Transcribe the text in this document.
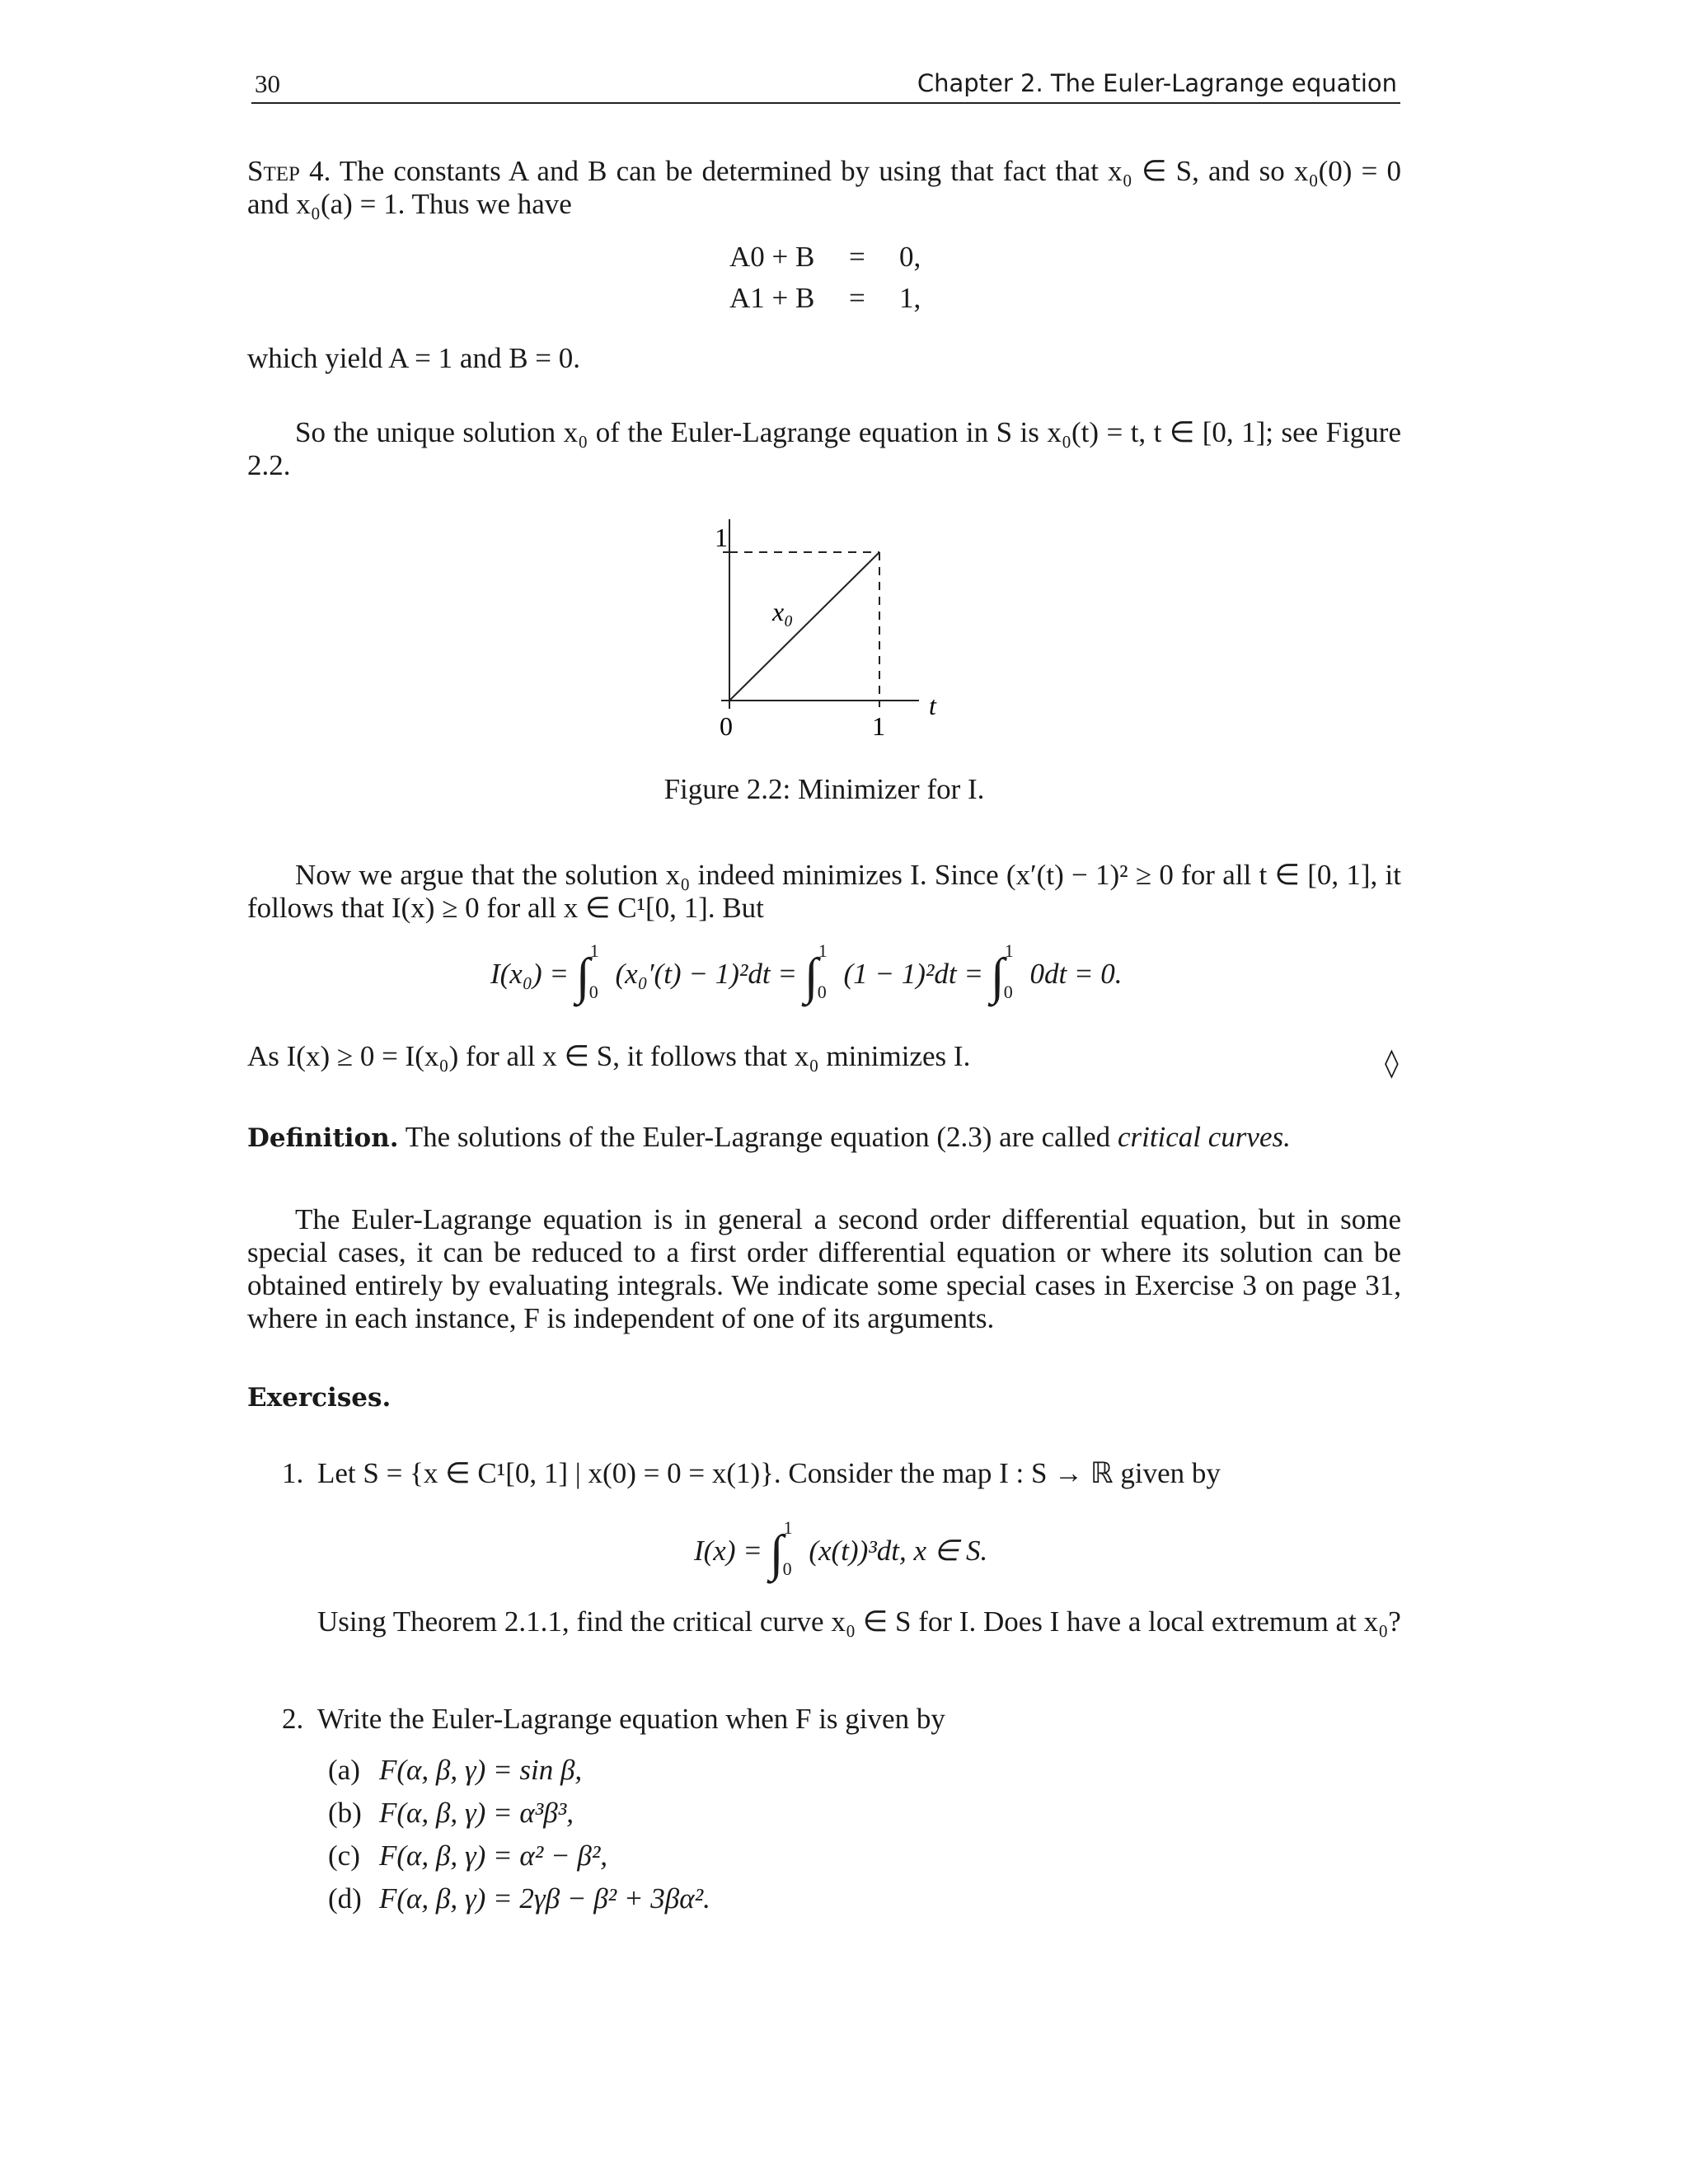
30	Chapter 2. The Euler-Lagrange equation
Step 4. The constants A and B can be determined by using that fact that x₀ ∈ S, and so x₀(0) = 0 and x₀(a) = 1. Thus we have
A0 + B = 0,
A1 + B = 1,
which yield A = 1 and B = 0.
So the unique solution x₀ of the Euler-Lagrange equation in S is x₀(t) = t, t ∈ [0, 1]; see Figure 2.2.
1
0	1
x₀
t
Figure 2.2: Minimizer for I.
Now we argue that the solution x₀ indeed minimizes I. Since (x′(t) − 1)² ≥ 0 for all t ∈ [0, 1], it follows that I(x) ≥ 0 for all x ∈ C¹[0, 1]. But
I(x₀) = ∫$^1_0$ (x₀′(t) − 1)²dt = ∫$^1_0$ (1 − 1)²dt = ∫$^1_0$ 0dt = 0.
As I(x) ≥ 0 = I(x₀) for all x ∈ S, it follows that x₀ minimizes I.	◊
Definition. The solutions of the Euler-Lagrange equation (2.3) are called critical curves.
The Euler-Lagrange equation is in general a second order differential equation, but in some special cases, it can be reduced to a first order differential equation or where its solution can be obtained entirely by evaluating integrals. We indicate some special cases in Exercise 3 on page 31, where in each instance, F is independent of one of its arguments.
Exercises.
1. Let S = {x ∈ C¹[0, 1] | x(0) = 0 = x(1)}. Consider the map I : S → ℝ given by
I(x) = ∫$^1_0$ (x(t))³dt, x ∈ S.
Using Theorem 2.1.1, find the critical curve x₀ ∈ S for I. Does I have a local extremum at x₀?
2. Write the Euler-Lagrange equation when F is given by
(a) F(α, β, γ) = sin β,
(b) F(α, β, γ) = α³β³,
(c) F(α, β, γ) = α² − β²,
(d) F(α, β, γ) = 2γβ − β² + 3βα².
